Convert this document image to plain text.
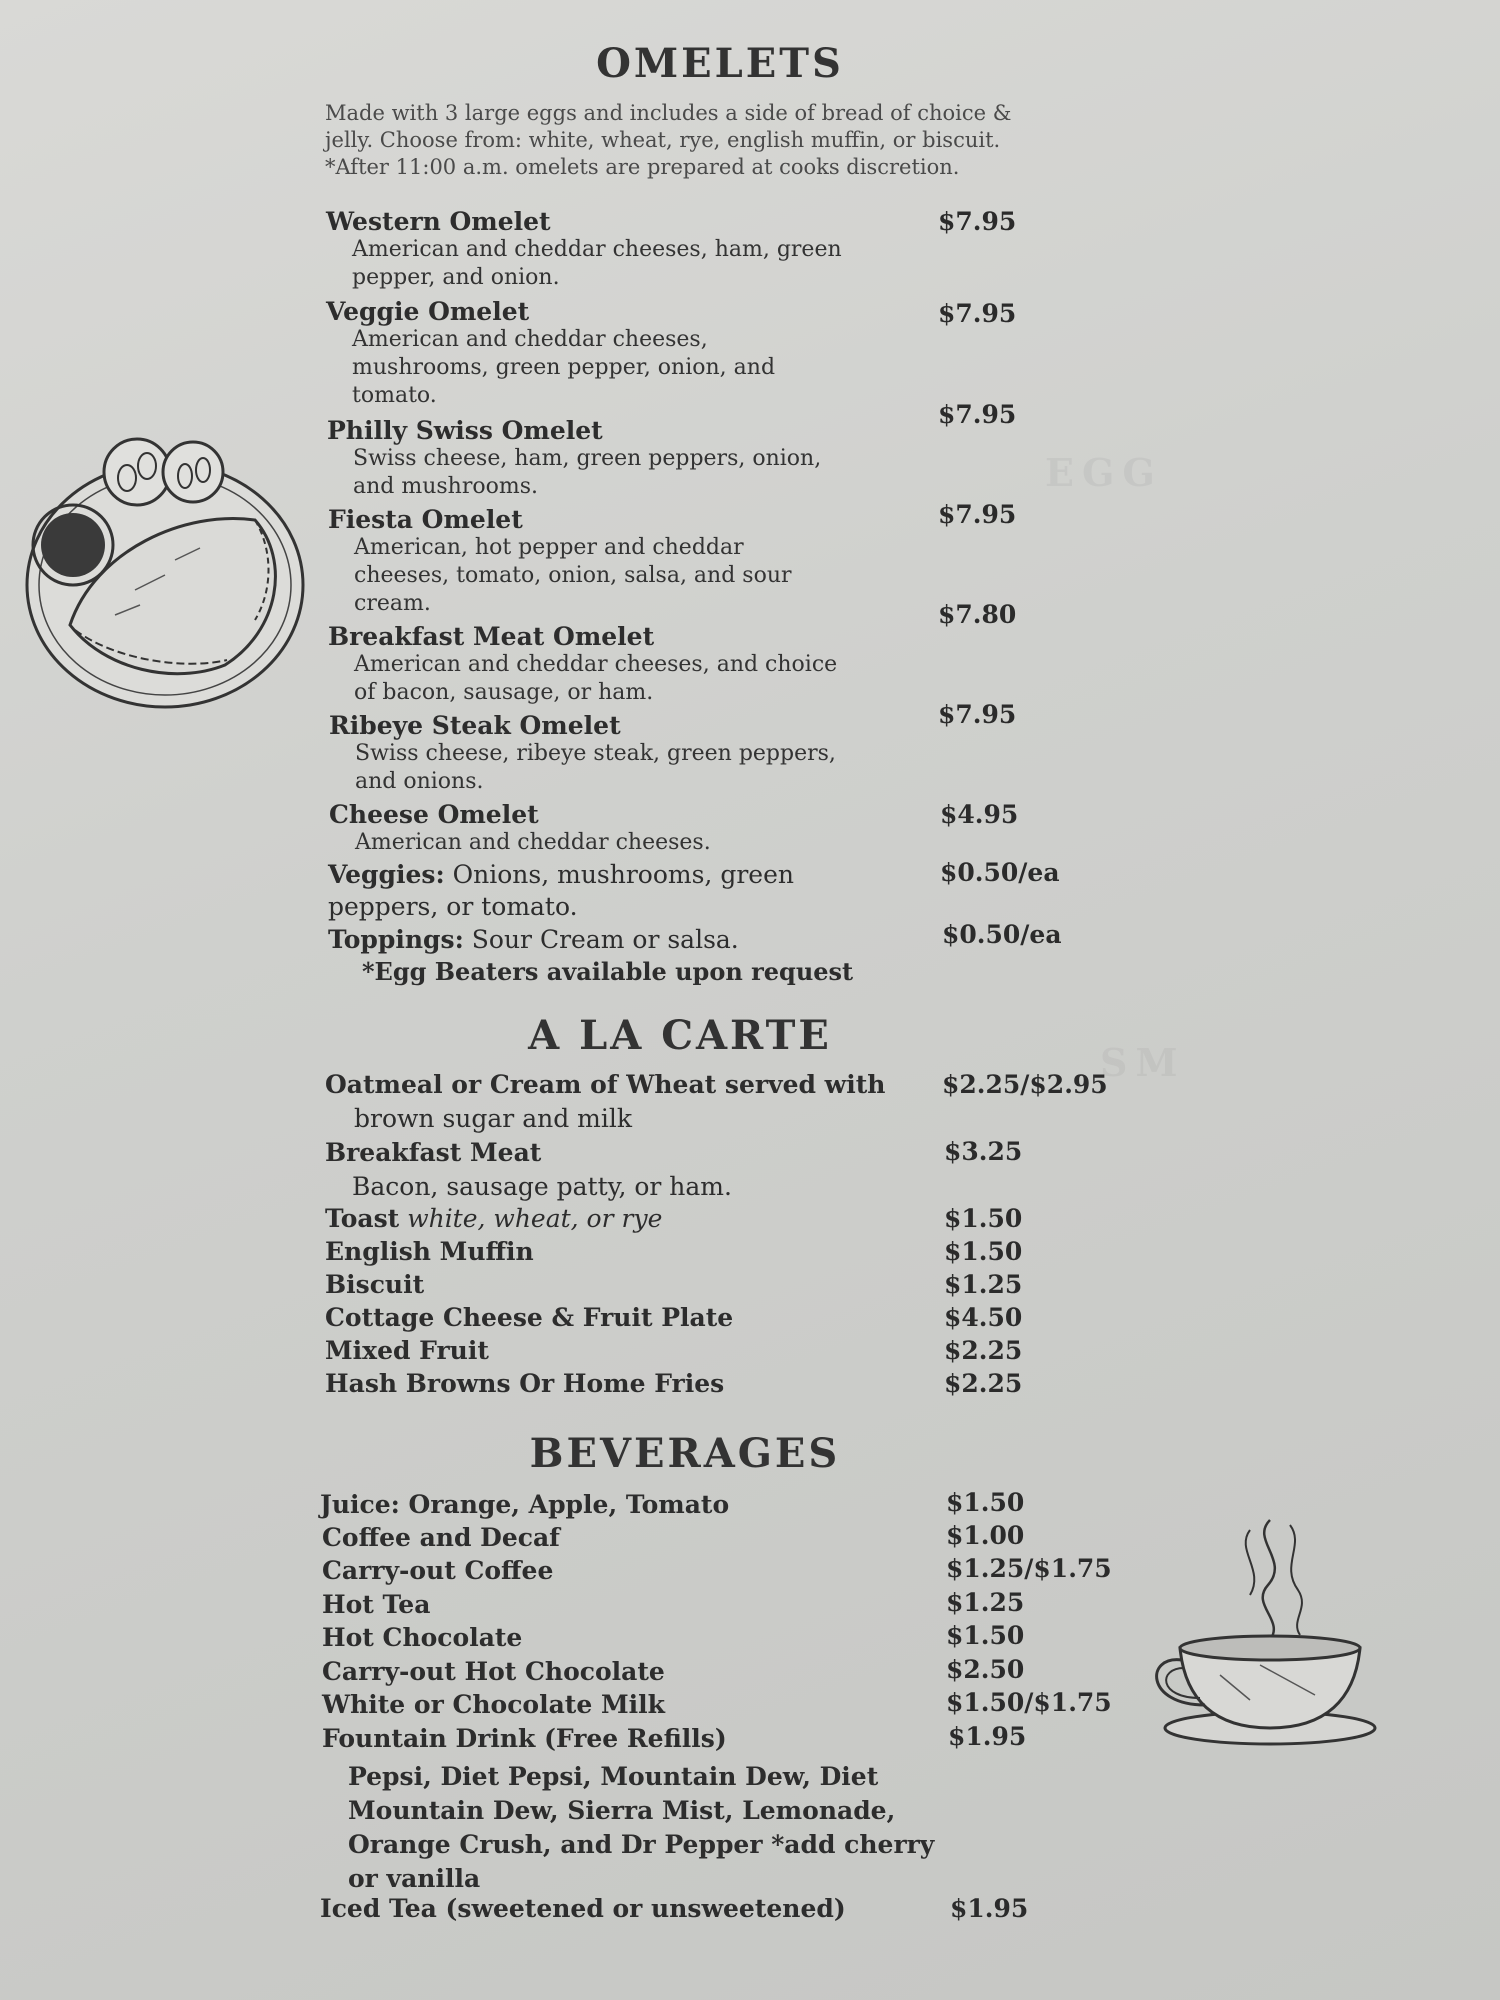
EGG
SM
OMELETS
Made with 3 large eggs and includes a side of bread of choice &
jelly. Choose from: white, wheat, rye, english muffin, or biscuit.
*After 11:00 a.m. omelets are prepared at cooks discretion.
Western Omelet
American and cheddar cheeses, ham, green
pepper, and onion.
$7.95
Veggie Omelet
American and cheddar cheeses,
mushrooms, green pepper, onion, and
tomato.
$7.95
Philly Swiss Omelet
Swiss cheese, ham, green peppers, onion,
and mushrooms.
$7.95
Fiesta Omelet
American, hot pepper and cheddar
cheeses, tomato, onion, salsa, and sour
cream.
$7.95
Breakfast Meat Omelet
American and cheddar cheeses, and choice
of bacon, sausage, or ham.
$7.80
Ribeye Steak Omelet
Swiss cheese, ribeye steak, green peppers,
and onions.
$7.95
Cheese Omelet
American and cheddar cheeses.
$4.95
Veggies: Onions, mushrooms, green
peppers, or tomato.
$0.50/ea
Toppings: Sour Cream or salsa.	$0.50/ea
*Egg Beaters available upon request
A LA CARTE
Oatmeal or Cream of Wheat served with
brown sugar and milk
$2.25/$2.95
Breakfast Meat
Bacon, sausage patty, or ham.
$3.25
Toast white, wheat, or rye	$1.50
English Muffin	$1.50
Biscuit	$1.25
Cottage Cheese & Fruit Plate	$4.50
Mixed Fruit	$2.25
Hash Browns Or Home Fries	$2.25
BEVERAGES
Juice: Orange, Apple, Tomato	$1.50
Coffee and Decaf	$1.00
Carry-out Coffee	$1.25/$1.75
Hot Tea	$1.25
Hot Chocolate	$1.50
Carry-out Hot Chocolate	$2.50
White or Chocolate Milk	$1.50/$1.75
Fountain Drink (Free Refills)	$1.95
Pepsi, Diet Pepsi, Mountain Dew, Diet
Mountain Dew, Sierra Mist, Lemonade,
Orange Crush, and Dr Pepper *add cherry
or vanilla
Iced Tea (sweetened or unsweetened)	$1.95
